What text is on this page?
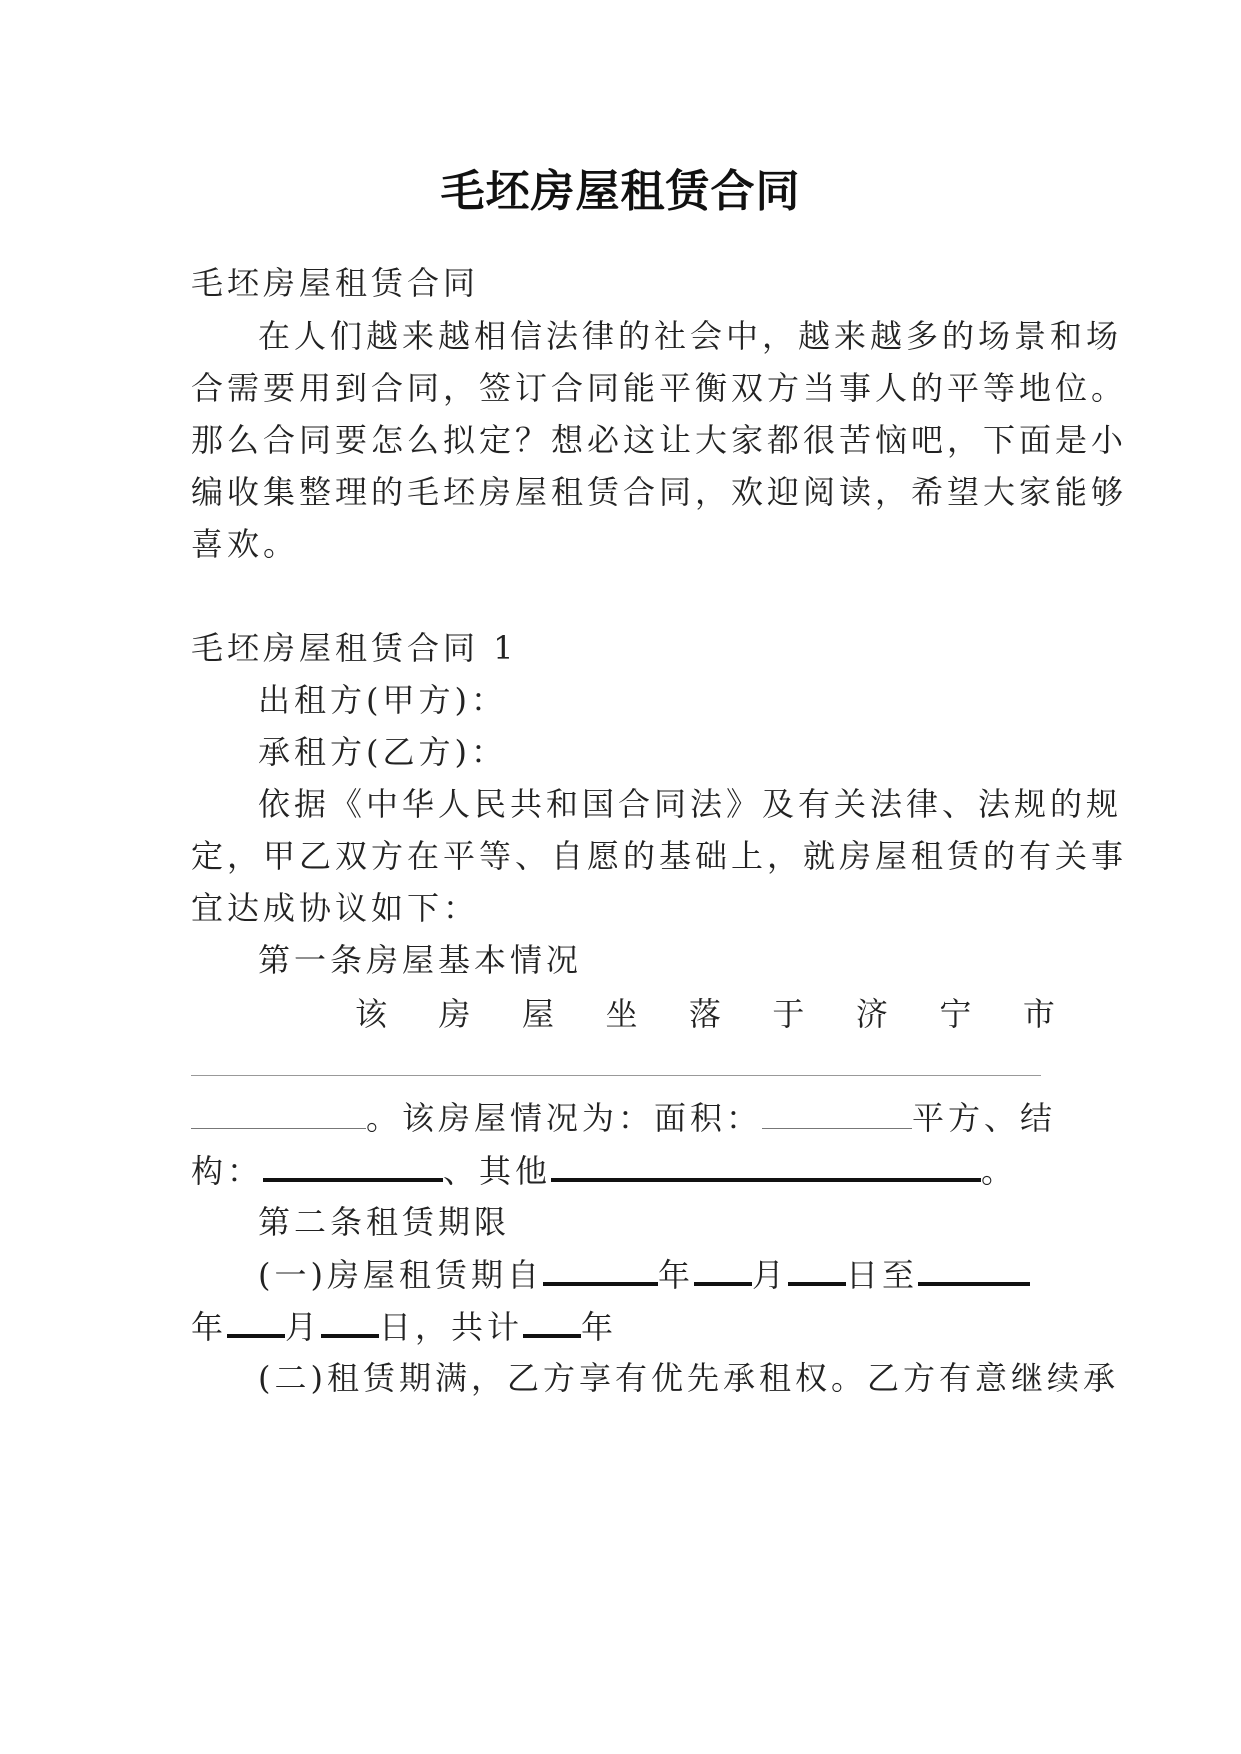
毛坯房屋租赁合同
毛坯房屋租赁合同
在人们越来越相信法律的社会中，越来越多的场景和场
合需要用到合同，签订合同能平衡双方当事人的平等地位。
那么合同要怎么拟定？想必这让大家都很苦恼吧，下面是小
编收集整理的毛坯房屋租赁合同，欢迎阅读，希望大家能够
喜欢。
毛坯房屋租赁合同 1
出租方(甲方)：
承租方(乙方)：
依据《中华人民共和国合同法》及有关法律、法规的规
定，甲乙双方在平等、自愿的基础上，就房屋租赁的有关事
宜达成协议如下：
第一条房屋基本情况
该 房 屋 坐 落 于 济 宁 市
。该房屋情况为：面积：	平方、结
构：	、其他	。
第二条租赁期限
(一)房屋租赁期自	年 月 日至
年 月 日，共计 年
(二)租赁期满，乙方享有优先承租权。乙方有意继续承
